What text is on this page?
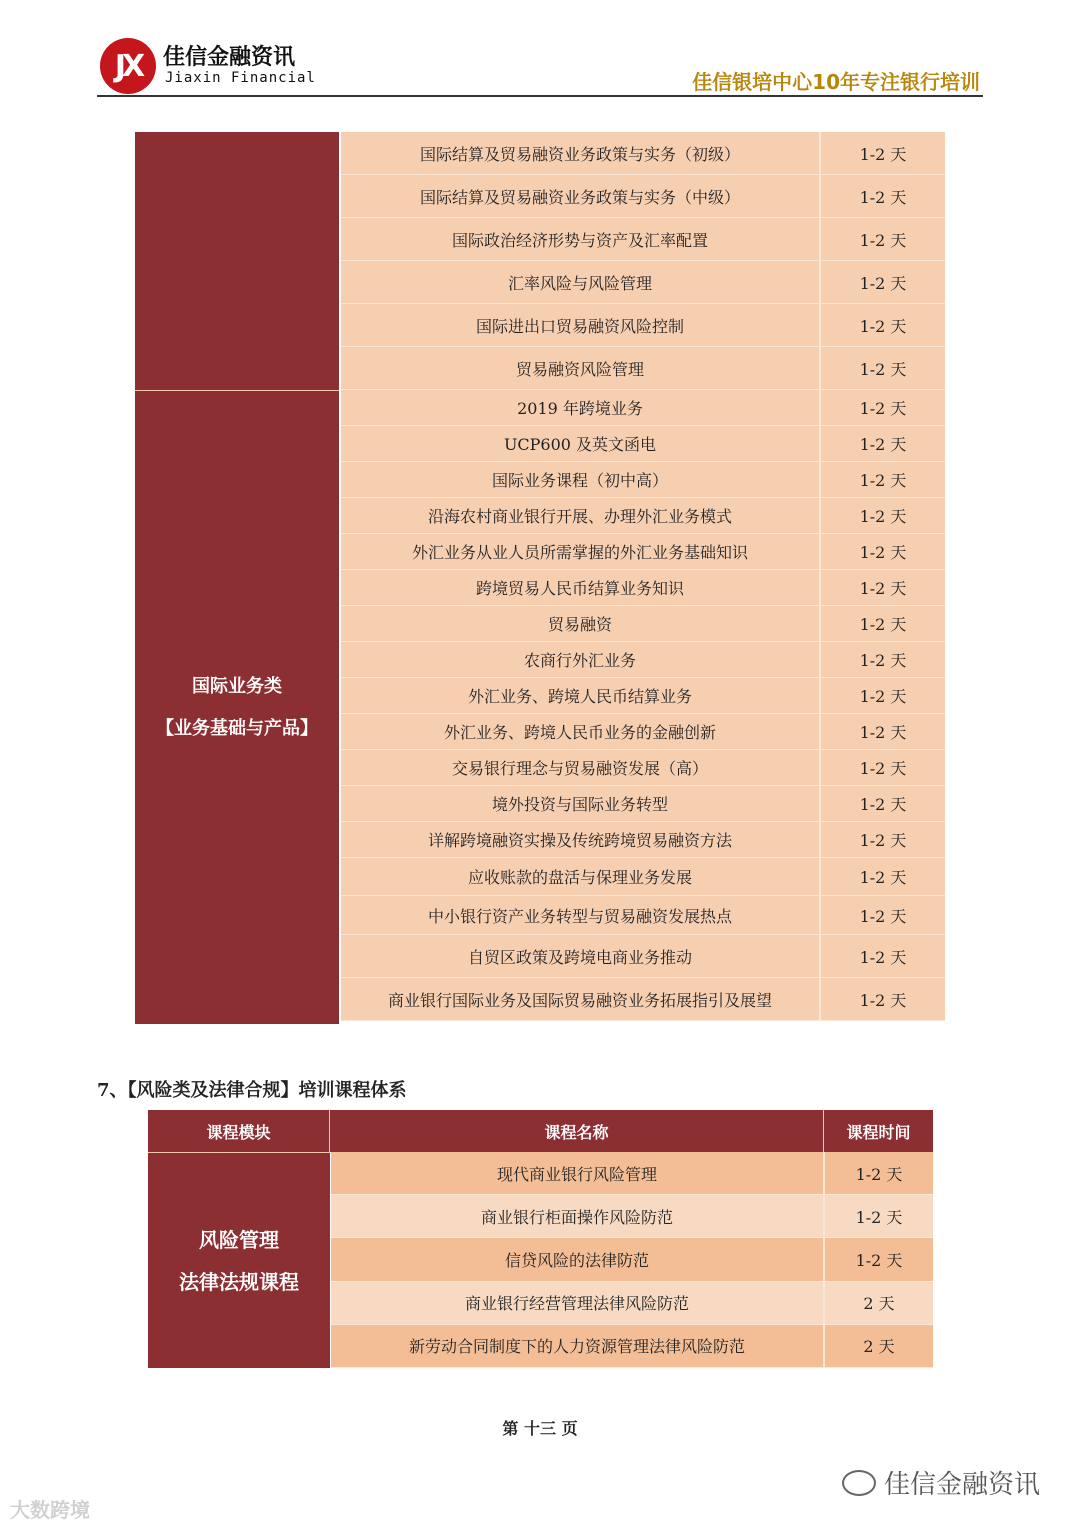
JX 佳信金融资讯
Jiaxin Financial	佳信银培中心10年专注银行培训
国际业务类
【业务基础与产品】
国际结算及贸易融资业务政策与实务（初级）	1-2 天
国际结算及贸易融资业务政策与实务（中级）	1-2 天
国际政治经济形势与资产及汇率配置	1-2 天
汇率风险与风险管理	1-2 天
国际进出口贸易融资风险控制	1-2 天
贸易融资风险管理	1-2 天
2019 年跨境业务	1-2 天
UCP600 及英文函电	1-2 天
国际业务课程（初中高）	1-2 天
沿海农村商业银行开展、办理外汇业务模式	1-2 天
外汇业务从业人员所需掌握的外汇业务基础知识	1-2 天
跨境贸易人民币结算业务知识	1-2 天
贸易融资	1-2 天
农商行外汇业务	1-2 天
外汇业务、跨境人民币结算业务	1-2 天
外汇业务、跨境人民币业务的金融创新	1-2 天
交易银行理念与贸易融资发展（高）	1-2 天
境外投资与国际业务转型	1-2 天
详解跨境融资实操及传统跨境贸易融资方法	1-2 天
应收账款的盘活与保理业务发展	1-2 天
中小银行资产业务转型与贸易融资发展热点	1-2 天
自贸区政策及跨境电商业务推动	1-2 天
商业银行国际业务及国际贸易融资业务拓展指引及展望	1-2 天
7、【风险类及法律合规】培训课程体系
课程模块	课程名称	课程时间
风险管理
法律法规课程
现代商业银行风险管理	1-2 天
商业银行柜面操作风险防范	1-2 天
信贷风险的法律防范	1-2 天
商业银行经营管理法律风险防范	2 天
新劳动合同制度下的人力资源管理法律风险防范	2 天
第 十三 页
佳信金融资讯
大数跨境
